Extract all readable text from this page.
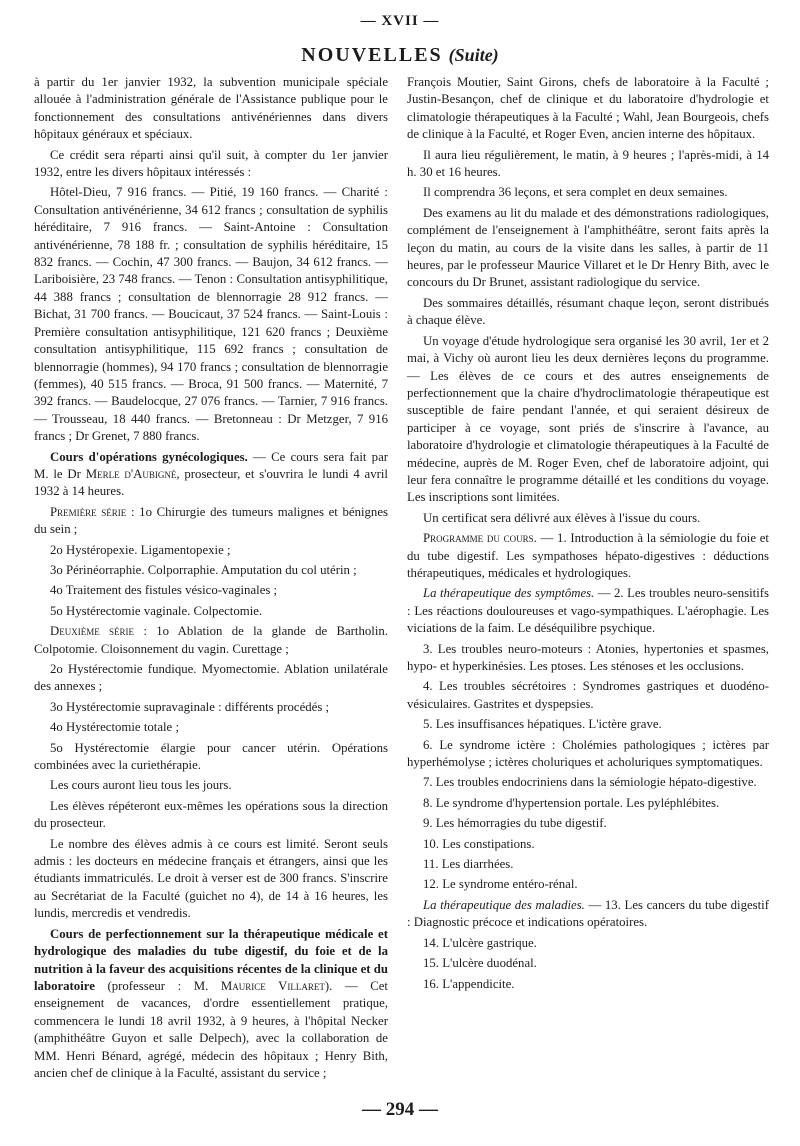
— XVII —
NOUVELLES (Suite)

à partir du 1er janvier 1932, la subvention municipale spéciale allouée à l'administration générale de l'Assistance publique pour le fonctionnement des consultations antivénériennes dans divers hôpitaux généraux et spéciaux.

Ce crédit sera réparti ainsi qu'il suit, à compter du 1er janvier 1932, entre les divers hôpitaux intéressés :

Hôtel-Dieu, 7 916 francs. — Pitié, 19 160 francs. — Charité : Consultation antivénérienne, 34 612 francs ; consultation de syphilis héréditaire, 7 916 francs. — Saint-Antoine : Consultation antivénérienne, 78 188 fr. ; consultation de syphilis héréditaire, 15 832 francs. — Cochin, 47 300 francs. — Baujon, 34 612 francs. — Lariboisière, 23 748 francs. — Tenon : Consultation antisyphilitique, 44 388 francs ; consultation de blennorragie 28 912 francs. — Bichat, 31 700 francs. — Boucicaut, 37 524 francs. — Saint-Louis : Première consultation antisyphilitique, 121 620 francs ; Deuxième consultation antisyphilitique, 115 692 francs ; consultation de blennorragie (hommes), 94 170 francs ; consultation de blennorragie (femmes), 40 515 francs. — Broca, 91 500 francs. — Maternité, 7 392 francs. — Baudelocque, 27 076 francs. — Tarnier, 7 916 francs. — Trousseau, 18 440 francs. — Bretonneau : Dr Metzger, 7 916 francs ; Dr Grenet, 7 880 francs.

Cours d'opérations gynécologiques. — Ce cours sera fait par M. le Dr Merle d'Aubigné, prosecteur, et s'ouvrira le lundi 4 avril 1932 à 14 heures.

Première série : 1o Chirurgie des tumeurs malignes et bénignes du sein ;

2o Hystéropexie. Ligamentopexie ;

3o Périnéorraphie. Colporraphie. Amputation du col utérin ;

4o Traitement des fistules vésico-vaginales ;

5o Hystérectomie vaginale. Colpectomie.

Deuxième série : 1o Ablation de la glande de Bartholin. Colpotomie. Cloisonnement du vagin. Curettage ;

2o Hystérectomie fundique. Myomectomie. Ablation unilatérale des annexes ;

3o Hystérectomie supravaginale : différents procédés ;

4o Hystérectomie totale ;

5o Hystérectomie élargie pour cancer utérin. Opérations combinées avec la curiethérapie.

Les cours auront lieu tous les jours.

Les élèves répéteront eux-mêmes les opérations sous la direction du prosecteur.

Le nombre des élèves admis à ce cours est limité. Seront seuls admis : les docteurs en médecine français et étrangers, ainsi que les étudiants immatriculés. Le droit à verser est de 300 francs. S'inscrire au Secrétariat de la Faculté (guichet no 4), de 14 à 16 heures, les lundis, mercredis et vendredis.

Cours de perfectionnement sur la thérapeutique médicale et hydrologique des maladies du tube digestif, du foie et de la nutrition à la faveur des acquisitions récentes de la clinique et du laboratoire (professeur : M. Maurice Villaret). — Cet enseignement de vacances, d'ordre essentiellement pratique, commencera le lundi 18 avril 1932, à 9 heures, à l'hôpital Necker (amphithéâtre Guyon et salle Delpech), avec la collaboration de MM. Henri Bénard, agrégé, médecin des hôpitaux ; Henry Bith, ancien chef de clinique à la Faculté, assistant du service ;

François Moutier, Saint Girons, chefs de laboratoire à la Faculté ; Justin-Besançon, chef de clinique et du laboratoire d'hydrologie et climatologie thérapeutiques à la Faculté ; Wahl, Jean Bourgeois, chefs de clinique à la Faculté, et Roger Even, ancien interne des hôpitaux.

Il aura lieu régulièrement, le matin, à 9 heures ; l'après-midi, à 14 h. 30 et 16 heures.

Il comprendra 36 leçons, et sera complet en deux semaines.

Des examens au lit du malade et des démonstrations radiologiques, complément de l'enseignement à l'amphithéâtre, seront faits après la leçon du matin, au cours de la visite dans les salles, à partir de 11 heures, par le professeur Maurice Villaret et le Dr Henry Bith, avec le concours du Dr Brunet, assistant radiologique du service.

Des sommaires détaillés, résumant chaque leçon, seront distribués à chaque élève.

Un voyage d'étude hydrologique sera organisé les 30 avril, 1er et 2 mai, à Vichy où auront lieu les deux dernières leçons du programme. — Les élèves de ce cours et des autres enseignements de perfectionnement que la chaire d'hydroclimatologie thérapeutique est susceptible de faire pendant l'année, et qui seraient désireux de participer à ce voyage, sont priés de s'inscrire à l'avance, au laboratoire d'hydrologie et climatologie thérapeutiques à la Faculté de médecine, auprès de M. Roger Even, chef de laboratoire adjoint, qui leur fera connaître le programme détaillé et les conditions du voyage. Les inscriptions sont limitées.

Un certificat sera délivré aux élèves à l'issue du cours.

Programme du cours. — 1. Introduction à la sémiologie du foie et du tube digestif. Les sympathoses hépato-digestives : déductions thérapeutiques, médicales et hydrologiques.

La thérapeutique des symptômes. — 2. Les troubles neuro-sensitifs : Les réactions douloureuses et vago-sympathiques. L'aérophagie. Les viciations de la faim. Le déséquilibre psychique.

3. Les troubles neuro-moteurs : Atonies, hypertonies et spasmes, hypo- et hyperkinésies. Les ptoses. Les sténoses et les occlusions.

4. Les troubles sécrétoires : Syndromes gastriques et duodéno-vésiculaires. Gastrites et dyspepsies.

5. Les insuffisances hépatiques. L'ictère grave.

6. Le syndrome ictère : Cholémies pathologiques ; ictères par hyperhémolyse ; ictères choluriques et acholuriques symptomatiques.

7. Les troubles endocriniens dans la sémiologie hépato-digestive.

8. Le syndrome d'hypertension portale. Les pyléphlébites.

9. Les hémorragies du tube digestif.

10. Les constipations.

11. Les diarrhées.

12. Le syndrome entéro-rénal.

La thérapeutique des maladies. — 13. Les cancers du tube digestif : Diagnostic précoce et indications opératoires.

14. L'ulcère gastrique.

15. L'ulcère duodénal.

16. L'appendicite.

— 294 —
